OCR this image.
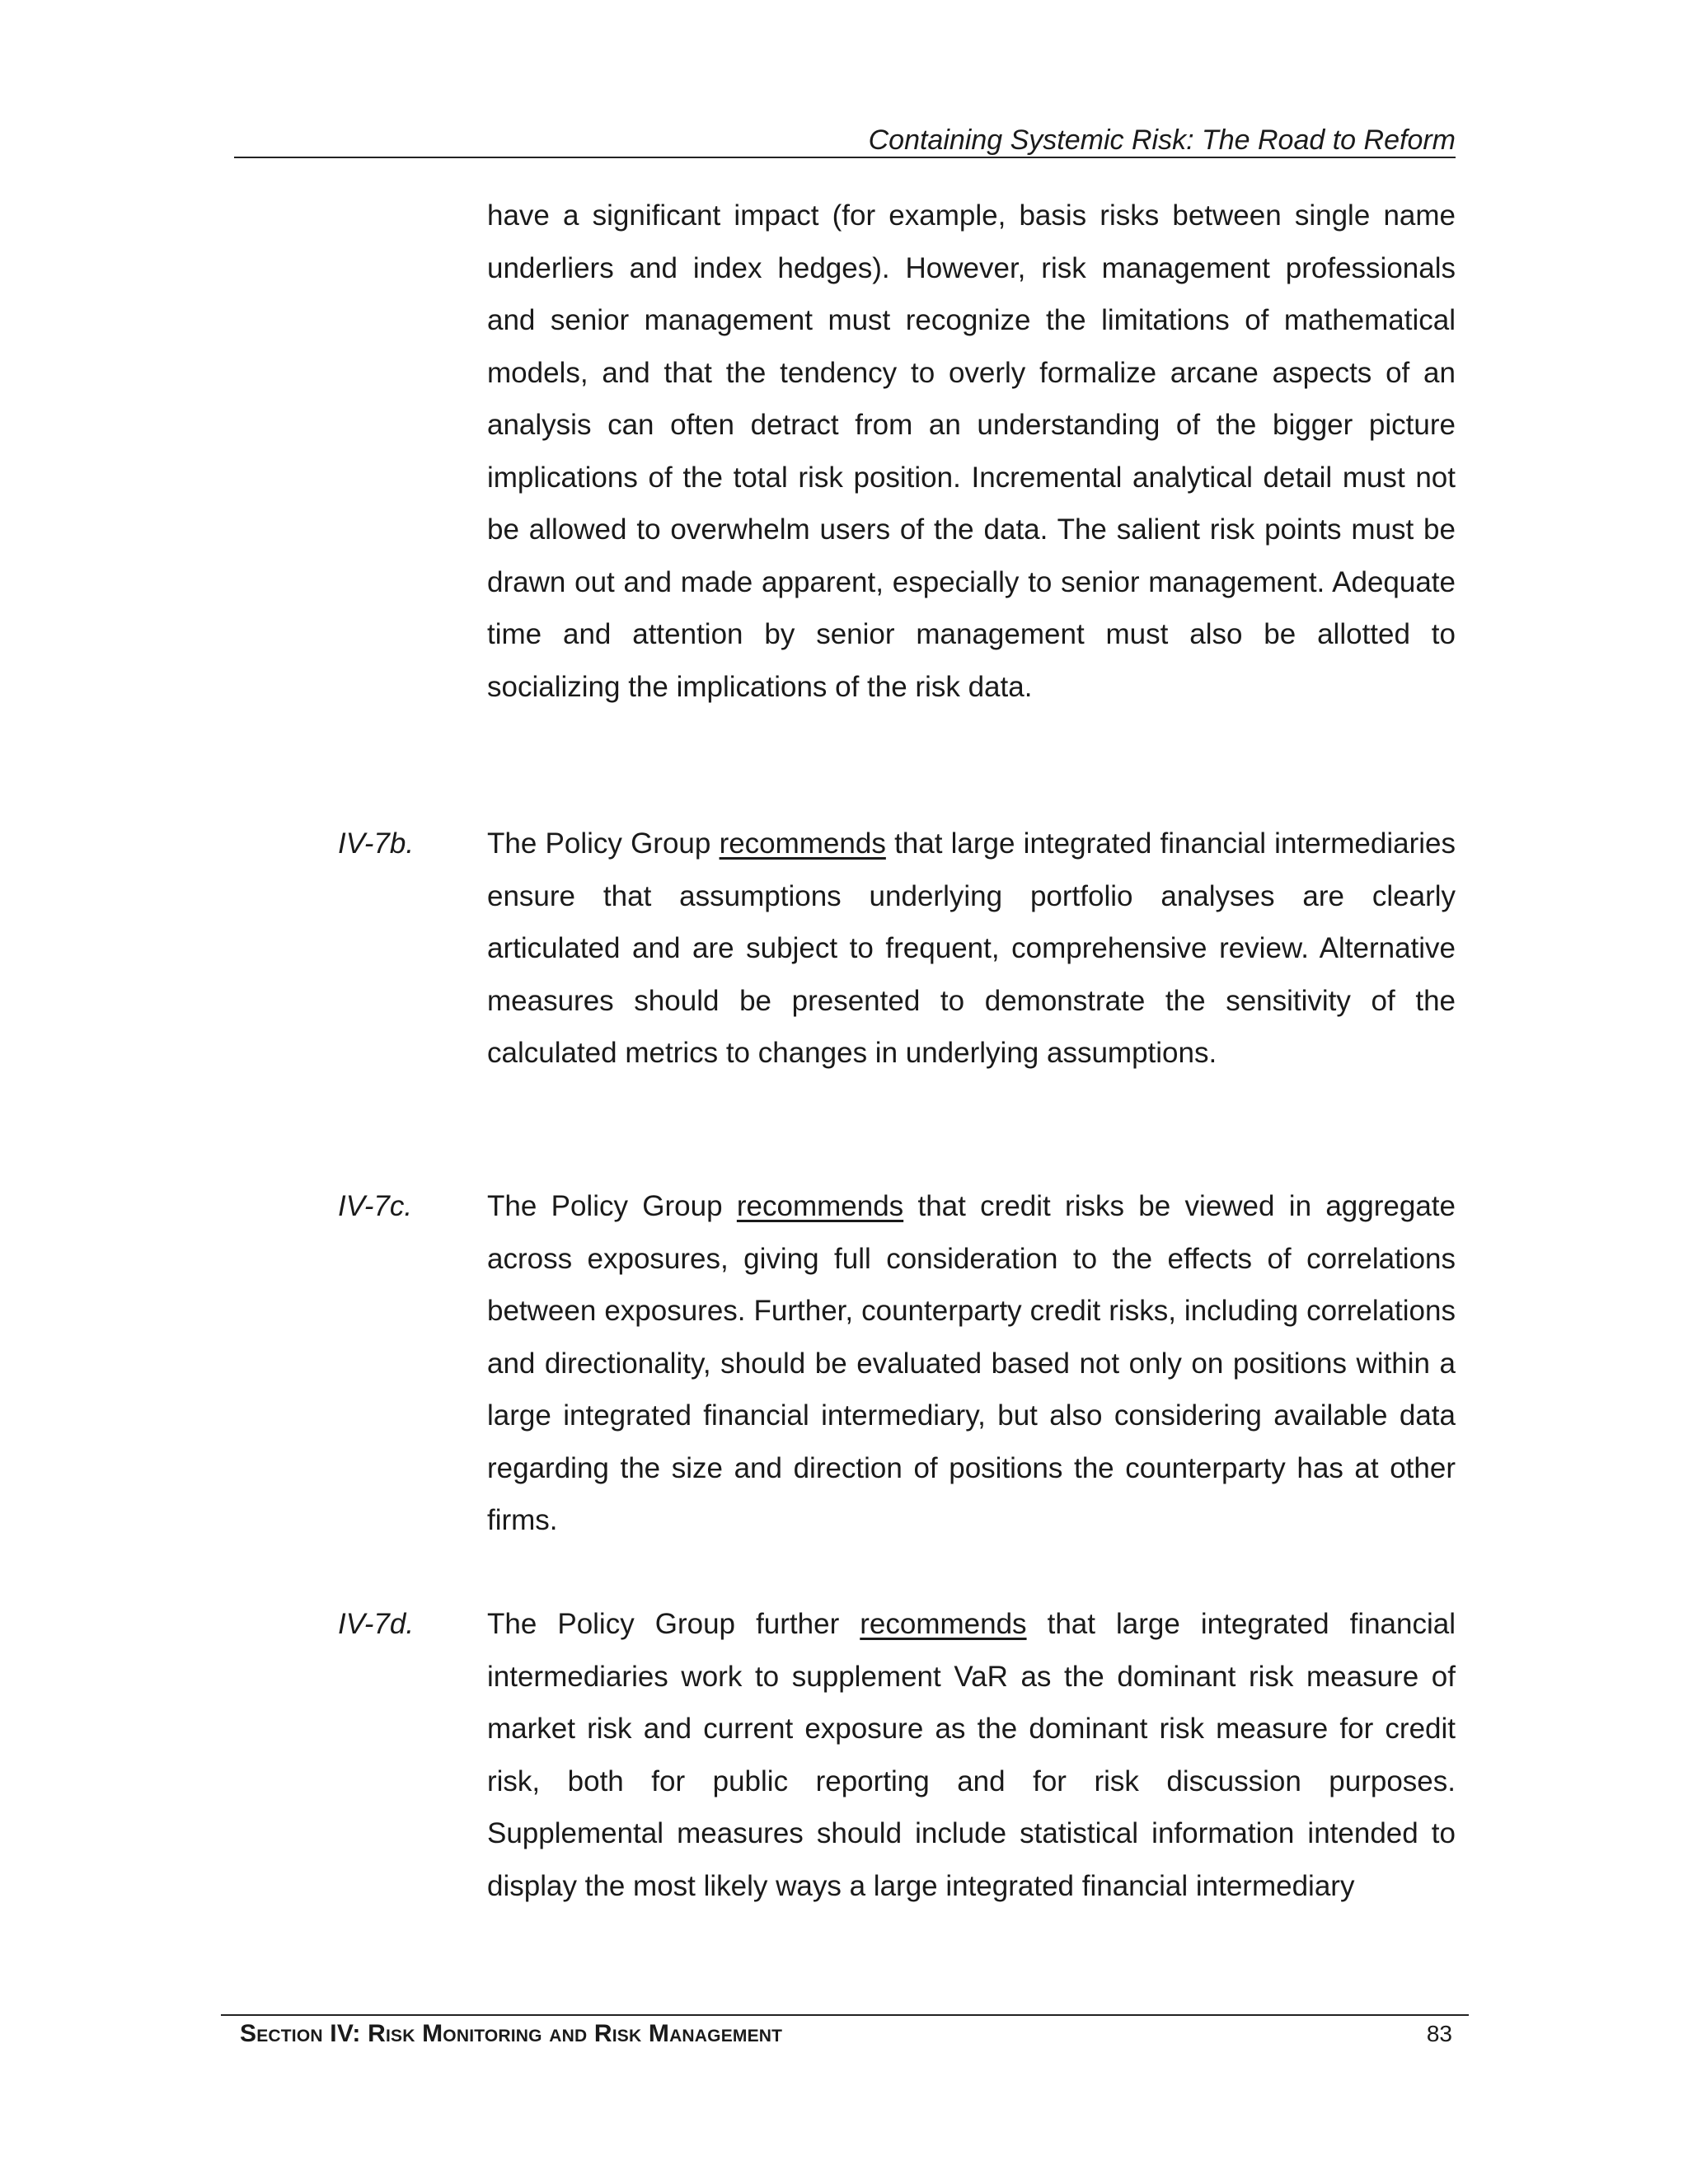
Containing Systemic Risk: The Road to Reform
have a significant impact (for example, basis risks between single name underliers and index hedges). However, risk management professionals and senior management must recognize the limitations of mathematical models, and that the tendency to overly formalize arcane aspects of an analysis can often detract from an understanding of the bigger picture implications of the total risk position. Incremental analytical detail must not be allowed to overwhelm users of the data. The salient risk points must be drawn out and made apparent, especially to senior management. Adequate time and attention by senior management must also be allotted to socializing the implications of the risk data.
IV-7b.	The Policy Group recommends that large integrated financial intermediaries ensure that assumptions underlying portfolio analyses are clearly articulated and are subject to frequent, comprehensive review. Alternative measures should be presented to demonstrate the sensitivity of the calculated metrics to changes in underlying assumptions.
IV-7c.	The Policy Group recommends that credit risks be viewed in aggregate across exposures, giving full consideration to the effects of correlations between exposures. Further, counterparty credit risks, including correlations and directionality, should be evaluated based not only on positions within a large integrated financial intermediary, but also considering available data regarding the size and direction of positions the counterparty has at other firms.
IV-7d.	The Policy Group further recommends that large integrated financial intermediaries work to supplement VaR as the dominant risk measure of market risk and current exposure as the dominant risk measure for credit risk, both for public reporting and for risk discussion purposes. Supplemental measures should include statistical information intended to display the most likely ways a large integrated financial intermediary
Section IV: Risk Monitoring and Risk Management	83
